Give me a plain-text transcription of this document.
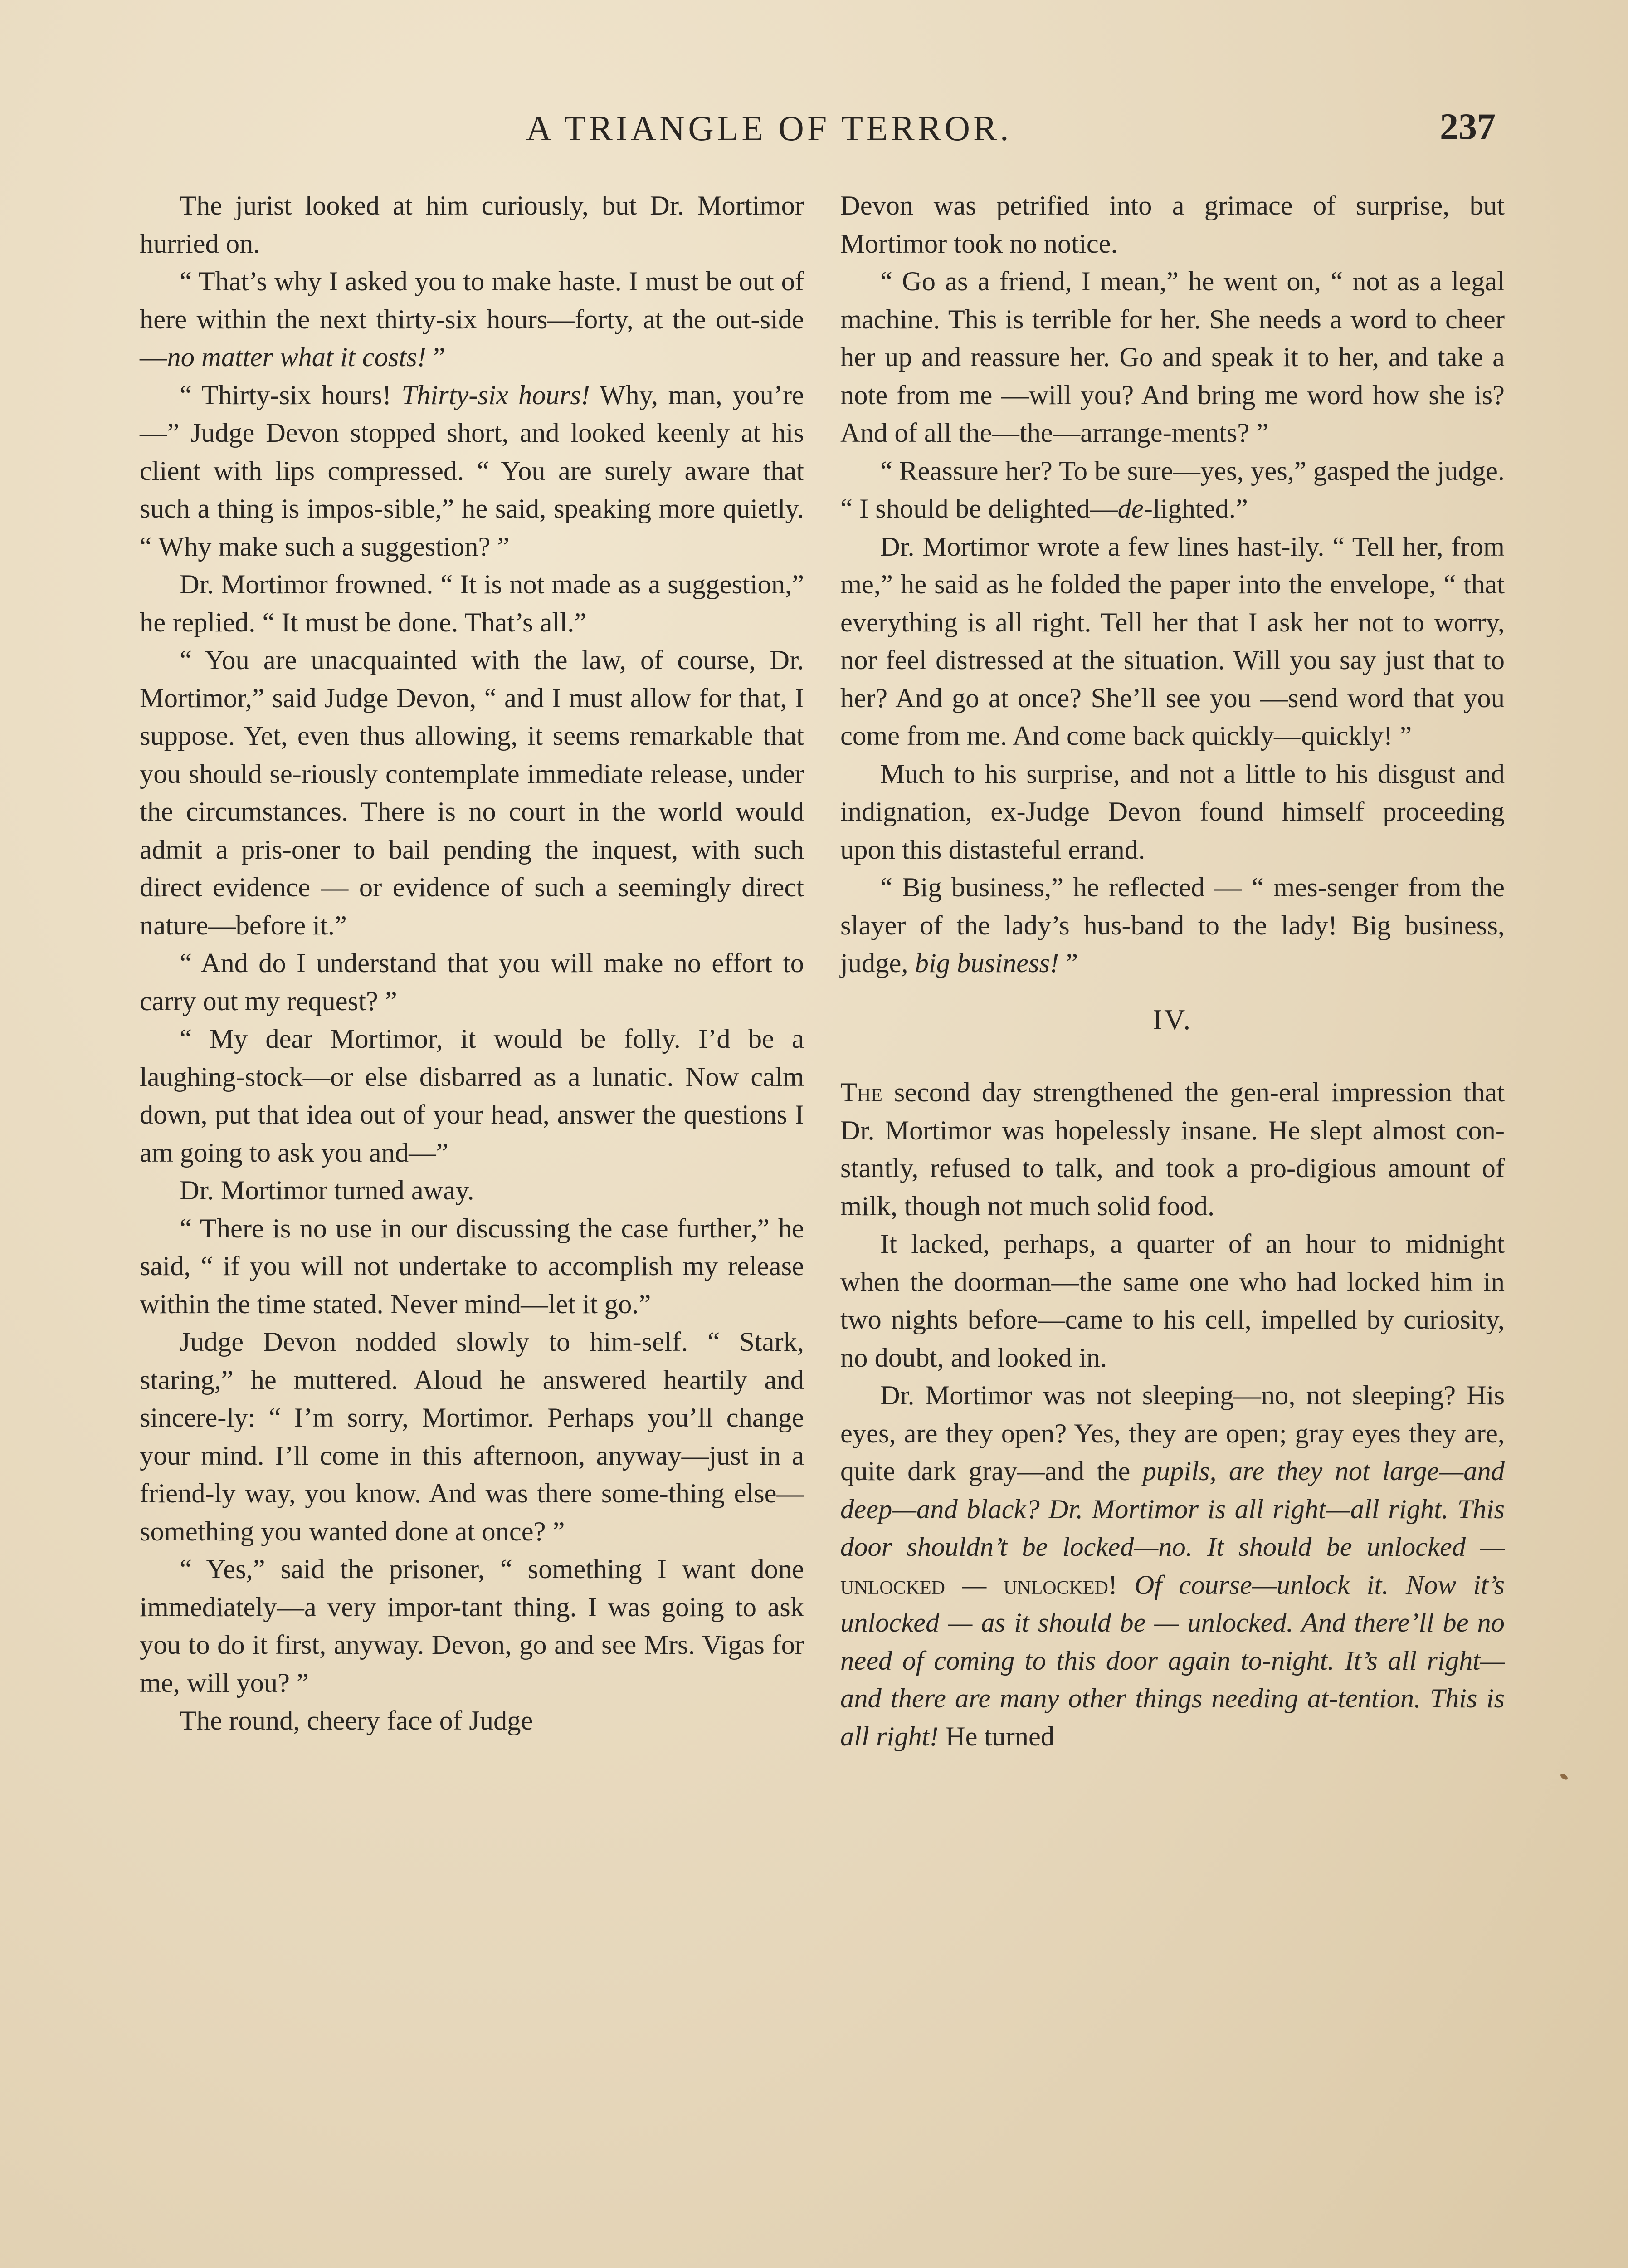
A TRIANGLE OF TERROR.	237

The jurist looked at him curiously, but Dr. Mortimor hurried on.

“ That’s why I asked you to make haste. I must be out of here within the next thirty-six hours—forty, at the out-side—no matter what it costs! ”

“ Thirty-six hours! Thirty-six hours! Why, man, you’re—” Judge Devon stopped short, and looked keenly at his client with lips compressed. “ You are surely aware that such a thing is impos-sible,” he said, speaking more quietly. “ Why make such a suggestion? ”

Dr. Mortimor frowned. “ It is not made as a suggestion,” he replied. “ It must be done. That’s all.”

“ You are unacquainted with the law, of course, Dr. Mortimor,” said Judge Devon, “ and I must allow for that, I suppose. Yet, even thus allowing, it seems remarkable that you should se-riously contemplate immediate release, under the circumstances. There is no court in the world would admit a pris-oner to bail pending the inquest, with such direct evidence — or evidence of such a seemingly direct nature—before it.”

“ And do I understand that you will make no effort to carry out my request? ”

“ My dear Mortimor, it would be folly. I’d be a laughing-stock—or else disbarred as a lunatic. Now calm down, put that idea out of your head, answer the questions I am going to ask you and—”

Dr. Mortimor turned away.

“ There is no use in our discussing the case further,” he said, “ if you will not undertake to accomplish my release within the time stated. Never mind—let it go.”

Judge Devon nodded slowly to him-self. “ Stark, staring,” he muttered. Aloud he answered heartily and sincere-ly: “ I’m sorry, Mortimor. Perhaps you’ll change your mind. I’ll come in this afternoon, anyway—just in a friend-ly way, you know. And was there some-thing else—something you wanted done at once? ”

“ Yes,” said the prisoner, “ something I want done immediately—a very impor-tant thing. I was going to ask you to do it first, anyway. Devon, go and see Mrs. Vigas for me, will you? ”

The round, cheery face of Judge

Devon was petrified into a grimace of surprise, but Mortimor took no notice.

“ Go as a friend, I mean,” he went on, “ not as a legal machine. This is terrible for her. She needs a word to cheer her up and reassure her. Go and speak it to her, and take a note from me —will you? And bring me word how she is? And of all the—the—arrange-ments? ”

“ Reassure her? To be sure—yes, yes,” gasped the judge. “ I should be delighted—de-lighted.”

Dr. Mortimor wrote a few lines hast-ily. “ Tell her, from me,” he said as he folded the paper into the envelope, “ that everything is all right. Tell her that I ask her not to worry, nor feel distressed at the situation. Will you say just that to her? And go at once? She’ll see you —send word that you come from me. And come back quickly—quickly! ”

Much to his surprise, and not a little to his disgust and indignation, ex-Judge Devon found himself proceeding upon this distasteful errand.

“ Big business,” he reflected — “ mes-senger from the slayer of the lady’s hus-band to the lady! Big business, judge, big business! ”

IV.

The second day strengthened the gen-eral impression that Dr. Mortimor was hopelessly insane. He slept almost con-stantly, refused to talk, and took a pro-digious amount of milk, though not much solid food.

It lacked, perhaps, a quarter of an hour to midnight when the doorman—the same one who had locked him in two nights before—came to his cell, impelled by curiosity, no doubt, and looked in.

Dr. Mortimor was not sleeping—no, not sleeping? His eyes, are they open? Yes, they are open; gray eyes they are, quite dark gray—and the pupils, are they not large—and deep—and black? Dr. Mortimor is all right—all right. This door shouldn’t be locked—no. It should be unlocked — unlocked — unlocked! Of course—unlock it. Now it’s unlocked — as it should be — unlocked. And there’ll be no need of coming to this door again to-night. It’s all right—and there are many other things needing at-tention. This is all right! He turned
